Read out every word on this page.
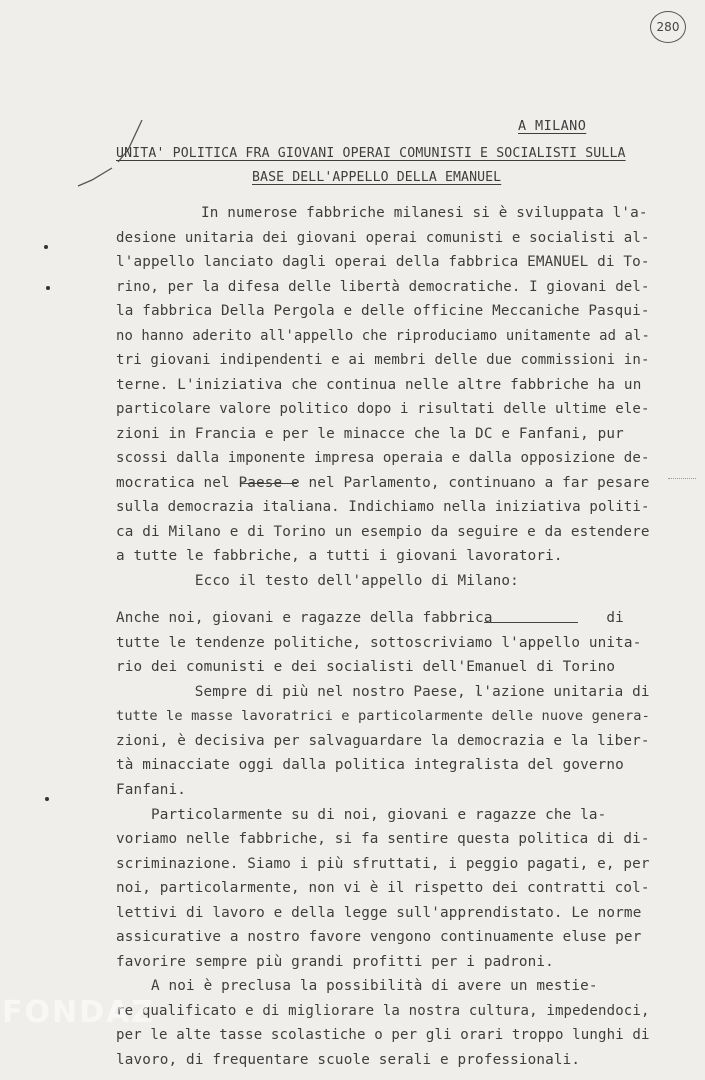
280
A MILANO
UNITA' POLITICA FRA GIOVANI OPERAI COMUNISTI E SOCIALISTI SULLA
BASE DELL'APPELLO DELLA EMANUEL
In numerose fabbriche milanesi si è sviluppata l'a-
desione unitaria dei giovani operai comunisti e socialisti al-
l'appello lanciato dagli operai della fabbrica EMANUEL di To-
rino, per la difesa delle libertà democratiche. I giovani del-
la fabbrica Della Pergola e delle officine Meccaniche Pasqui-
no hanno aderito all'appello che riproduciamo unitamente ad al-
tri giovani indipendenti e ai membri delle due commissioni in-
terne. L'iniziativa che continua nelle altre fabbriche ha un
particolare valore politico dopo i risultati delle ultime ele-
zioni in Francia e per le minacce che la DC e Fanfani, pur
scossi dalla imponente impresa operaia e dalla opposizione de-
mocratica nel Paese e nel Parlamento, continuano a far pesare
sulla democrazia italiana. Indichiamo nella iniziativa politi-
ca di Milano e di Torino un esempio da seguire e da estendere
a tutte le fabbriche, a tutti i giovani lavoratori.
Ecco il testo dell'appello di Milano:
Anche noi, giovani e ragazze della fabbrica             di
tutte le tendenze politiche, sottoscriviamo l'appello unita-
rio dei comunisti e dei socialisti dell'Emanuel di Torino
Sempre di più nel nostro Paese, l'azione unitaria di
tutte le masse lavoratrici e particolarmente delle nuove genera-
zioni, è decisiva per salvaguardare la democrazia e la liber-
tà minacciate oggi dalla politica integralista del governo
Fanfani.
Particolarmente su di noi, giovani e ragazze che la-
voriamo nelle fabbriche, si fa sentire questa politica di di-
scriminazione. Siamo i più sfruttati, i peggio pagati, e, per
noi, particolarmente, non vi è il rispetto dei contratti col-
lettivi di lavoro e della legge sull'apprendistato. Le norme
assicurative a nostro favore vengono continuamente eluse per
favorire sempre più grandi profitti per i padroni.
A noi è preclusa la possibilità di avere un mestie-
re qualificato e di migliorare la nostra cultura, impedendoci,
per le alte tasse scolastiche o per gli orari troppo lunghi di
lavoro, di frequentare scuole serali e professionali.
FONDAZ
